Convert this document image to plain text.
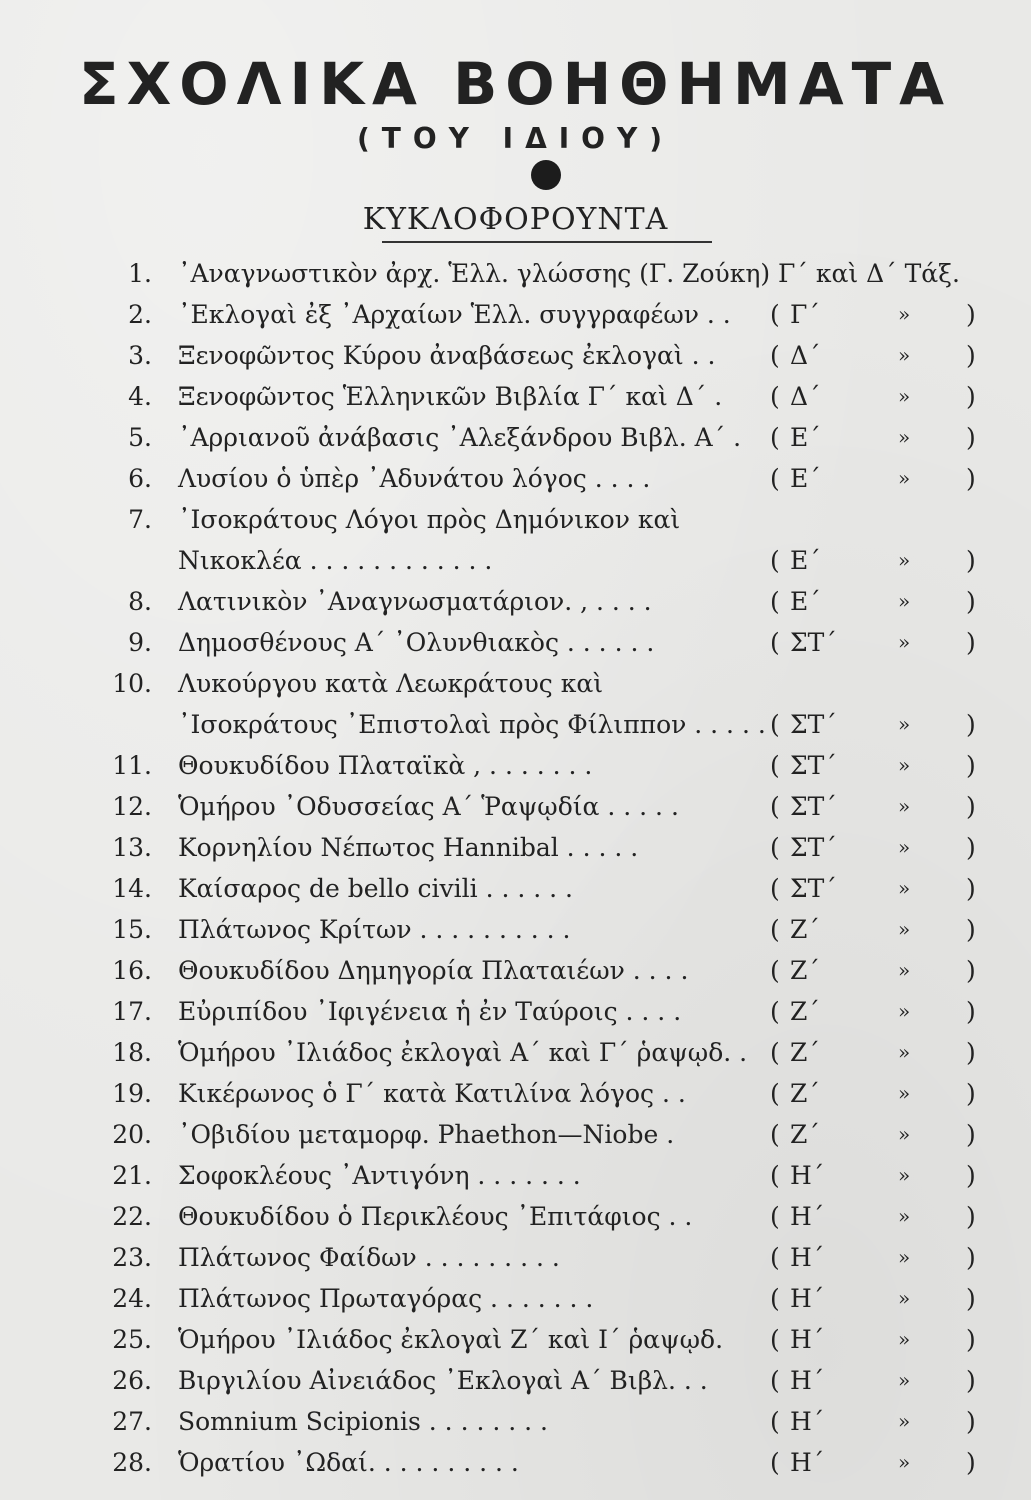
ΣΧΟΛΙΚΑ ΒΟΗΘΗΜΑΤΑ
(ΤΟΥ ΙΔΙΟΥ)
ΚΥΚΛΟΦΟΡΟΥΝΤΑ
1. ᾿Αναγνωστικὸν ἀρχ. Ἑλλ. γλώσσης (Γ. Ζούκη) Γ΄ καὶ Δ΄ Τάξ.
2. ᾿Εκλογαὶ ἐξ ᾿Αρχαίων Ἑλλ. συγγραφέων . .	( Γ΄	» )
3. Ξενοφῶντος Κύρου ἀναβάσεως ἐκλογαὶ . .	( Δ΄	» )
4. Ξενοφῶντος Ἑλληνικῶν Βιβλία Γ΄ καὶ Δ΄ .	( Δ΄	» )
5. ᾿Αρριανοῦ ἀνάβασις ᾿Αλεξάνδρου Βιβλ. Α΄ .	( Ε΄	» )
6. Λυσίου ὁ ὑπὲρ ᾿Αδυνάτου λόγος . . . .	( Ε΄	» )
7. ᾿Ισοκράτους Λόγοι πρὸς Δημόνικον καὶ Νικοκλέα . . . . . . . . . . . .	( Ε΄	» )
8. Λατινικὸν ᾿Αναγνωσματάριον. , . . . .	( Ε΄	» )
9. Δημοσθένους Α΄ ᾿Ολυνθιακὸς . . . . . .	( ΣΤ΄	» )
10. Λυκούργου κατὰ Λεωκράτους καὶ ᾿Ισοκράτους ᾿Επιστολαὶ πρὸς Φίλιππον . . . . . ( ΣΤ΄	» )
11. Θουκυδίδου Πλαταϊκὰ , . . . . . . .	( ΣΤ΄	» )
12. Ὁμήρου ᾿Οδυσσείας Α΄ Ῥαψῳδία . . . . .	( ΣΤ΄	» )
13. Κορνηλίου Νέπωτος Hannibal . . . . .	( ΣΤ΄	» )
14. Καίσαρος de bello civili . . . . . .	( ΣΤ΄	» )
15. Πλάτωνος Κρίτων . . . . . . . . . .	( Ζ΄	» )
16. Θουκυδίδου Δημηγορία Πλαταιέων . . . .	( Ζ΄	» )
17. Εὐριπίδου ᾿Ιφιγένεια ἡ ἐν Ταύροις . . . .	( Ζ΄	» )
18. Ὁμήρου ᾿Ιλιάδος ἐκλογαὶ Α΄ καὶ Γ΄ ῥαψῳδ. . ( Ζ΄	» )
19. Κικέρωνος ὁ Γ΄ κατὰ Κατιλίνα λόγος . .	( Ζ΄	» )
20. ᾿Οβιδίου μεταμορφ. Phaethon—Niobe .	( Ζ΄	» )
21. Σοφοκλέους ᾿Αντιγόνη . . . . . . .	( Η΄	» )
22. Θουκυδίδου ὁ Περικλέους ᾿Επιτάφιος . .	( Η΄	» )
23. Πλάτωνος Φαίδων . . . . . . . . .	( Η΄	» )
24. Πλάτωνος Πρωταγόρας . . . . . . .	( Η΄	» )
25. Ὁμήρου ᾿Ιλιάδος ἐκλογαὶ Ζ΄ καὶ Ι΄ ῥαψῳδ.	( Η΄	» )
26. Βιργιλίου Αἰνειάδος ᾿Εκλογαὶ Α΄ Βιβλ. . .	( Η΄	» )
27. Somnium Scipionis . . . . . . . .	( Η΄	» )
28. Ὁρατίου ᾿Ωδαί. . . . . . . . . .	( Η΄	» )
